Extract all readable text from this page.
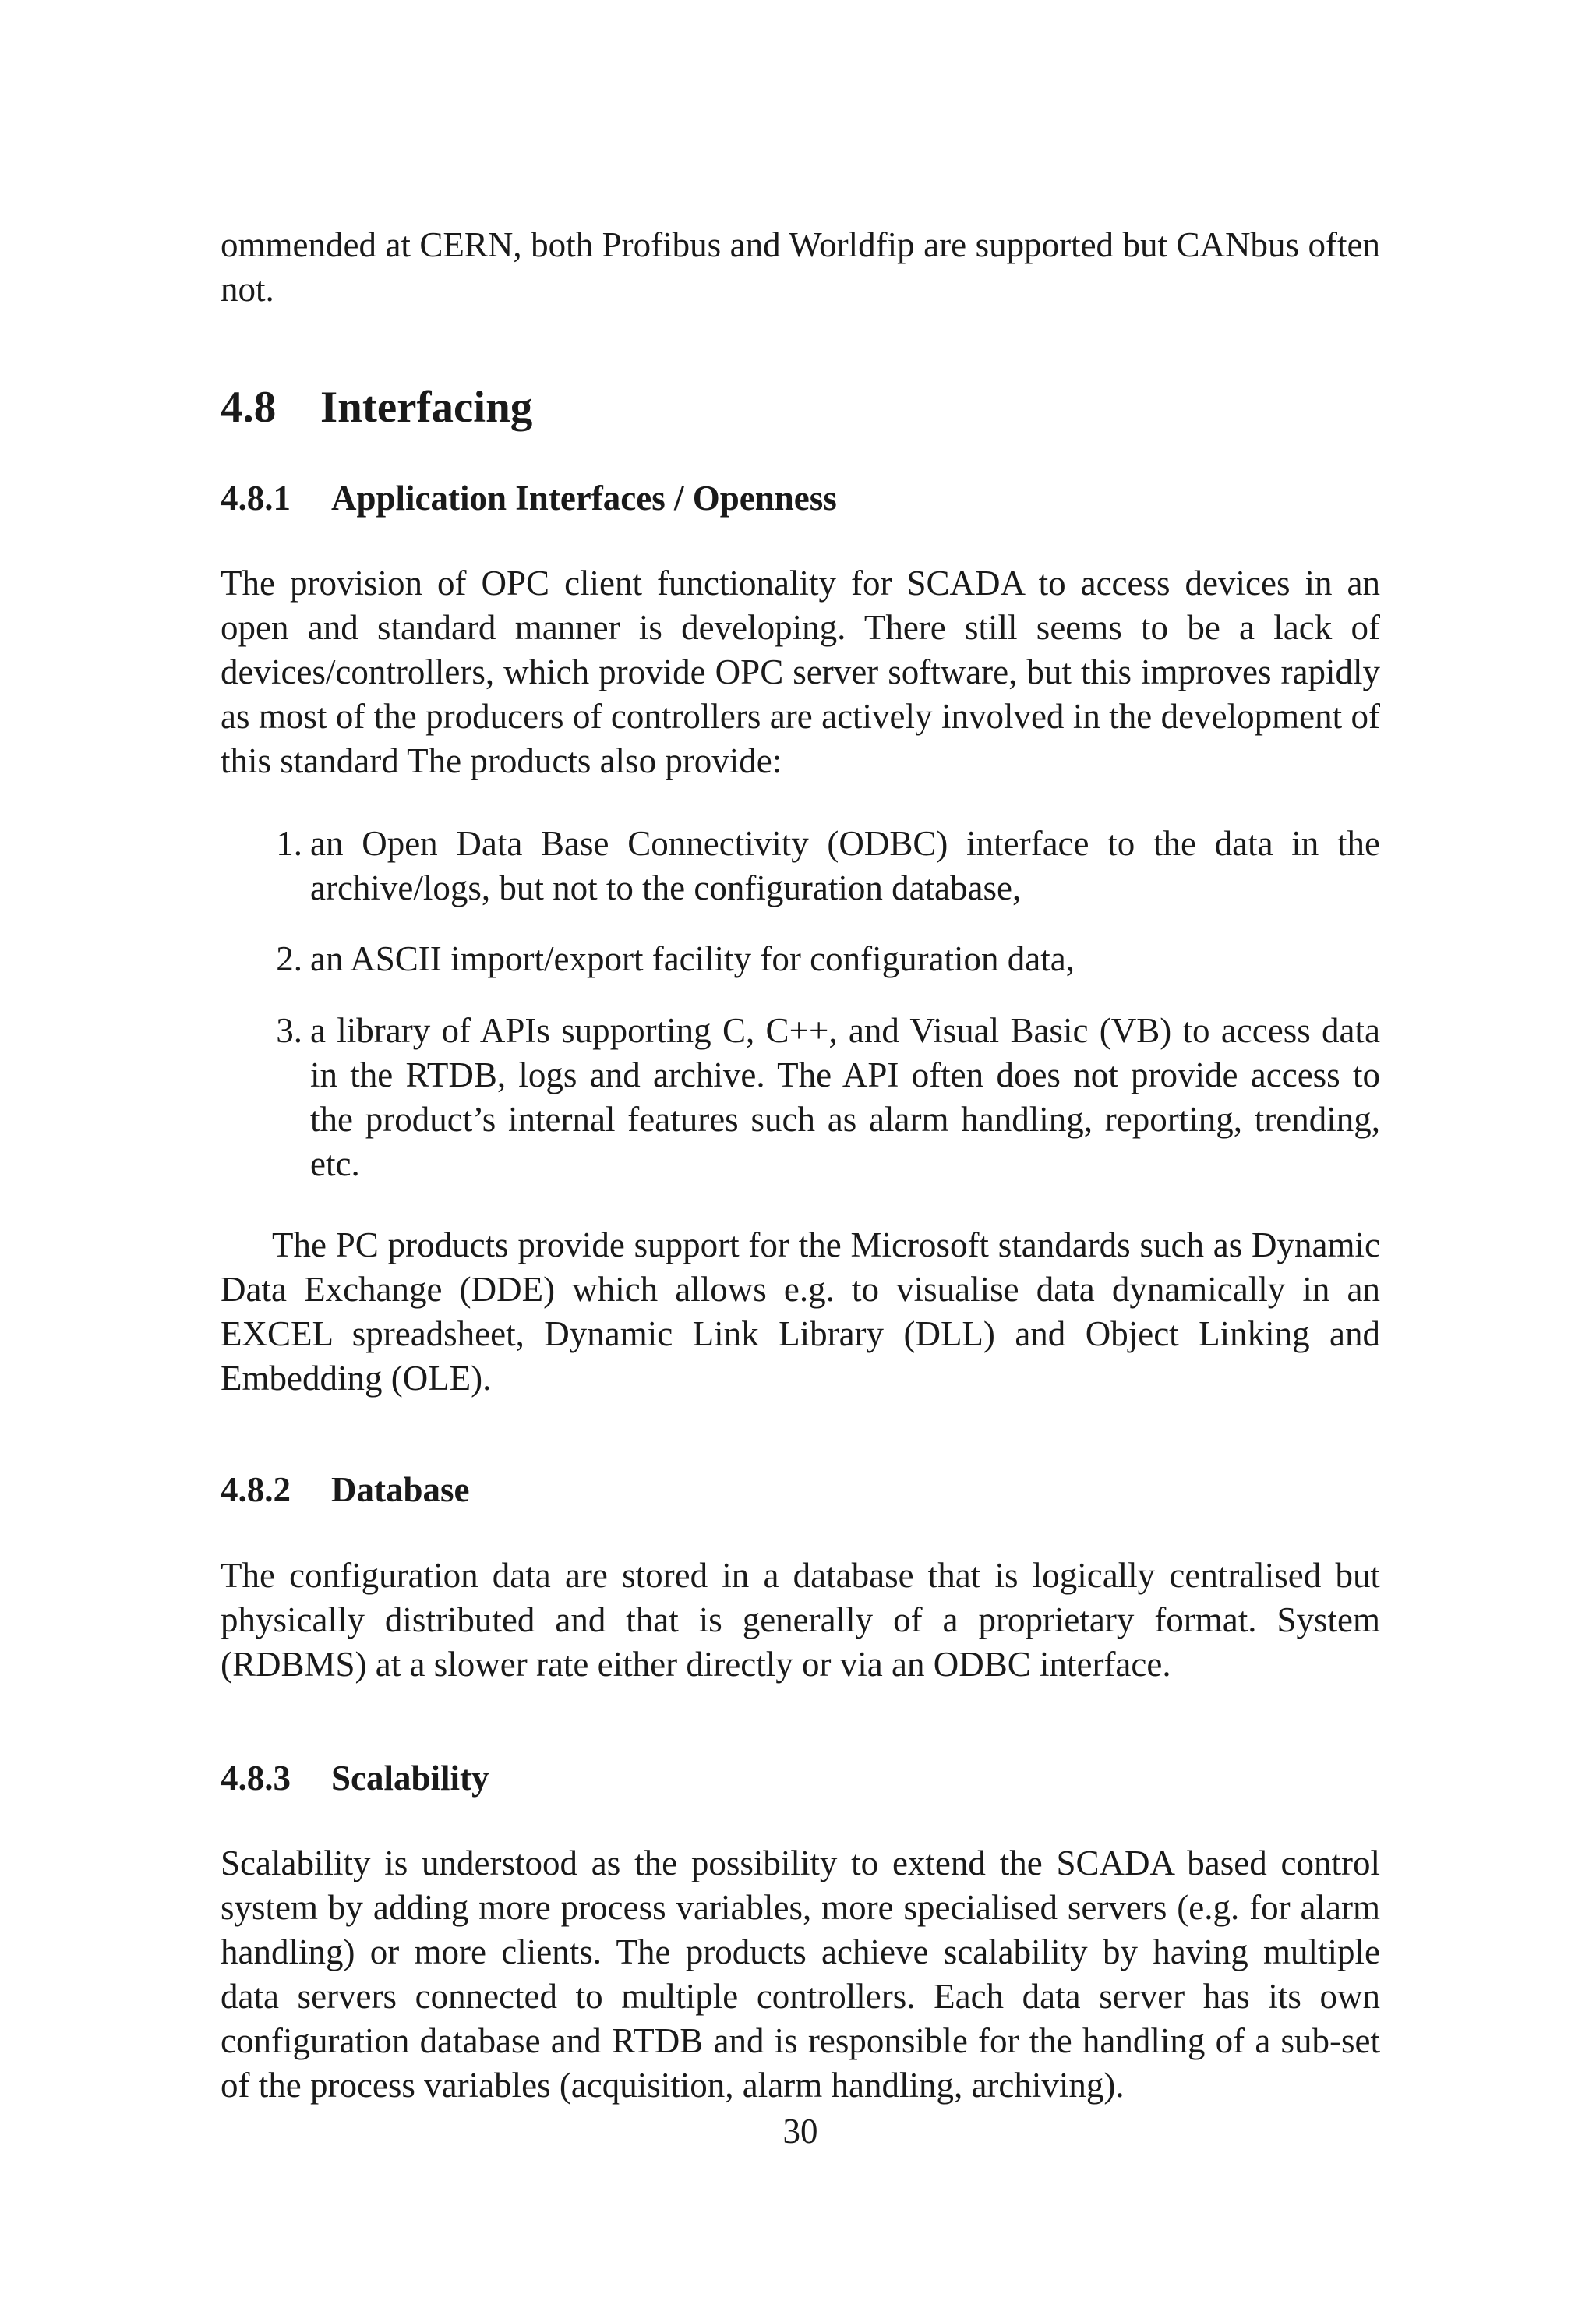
ommended at CERN, both Profibus and Worldfip are supported but CANbus often not.

4.8 Interfacing
4.8.1 Application Interfaces / Openness

The provision of OPC client functionality for SCADA to access devices in an open and standard manner is developing. There still seems to be a lack of devices/controllers, which provide OPC server software, but this improves rapidly as most of the producers of controllers are actively involved in the development of this standard The products also provide:

1. an Open Data Base Connectivity (ODBC) interface to the data in the archive/logs, but not to the configuration database,
2. an ASCII import/export facility for configuration data,
3. a library of APIs supporting C, C++, and Visual Basic (VB) to access data in the RTDB, logs and archive. The API often does not provide access to the product’s internal features such as alarm handling, reporting, trending, etc.

The PC products provide support for the Microsoft standards such as Dynamic Data Exchange (DDE) which allows e.g. to visualise data dynamically in an EXCEL spreadsheet, Dynamic Link Library (DLL) and Object Linking and Embedding (OLE).

4.8.2 Database

The configuration data are stored in a database that is logically centralised but physically distributed and that is generally of a proprietary format. System (RDBMS) at a slower rate either directly or via an ODBC interface.

4.8.3 Scalability

Scalability is understood as the possibility to extend the SCADA based control system by adding more process variables, more specialised servers (e.g. for alarm handling) or more clients. The products achieve scalability by having multiple data servers connected to multiple controllers. Each data server has its own configuration database and RTDB and is responsible for the handling of a sub-set of the process variables (acquisition, alarm handling, archiving).

30
